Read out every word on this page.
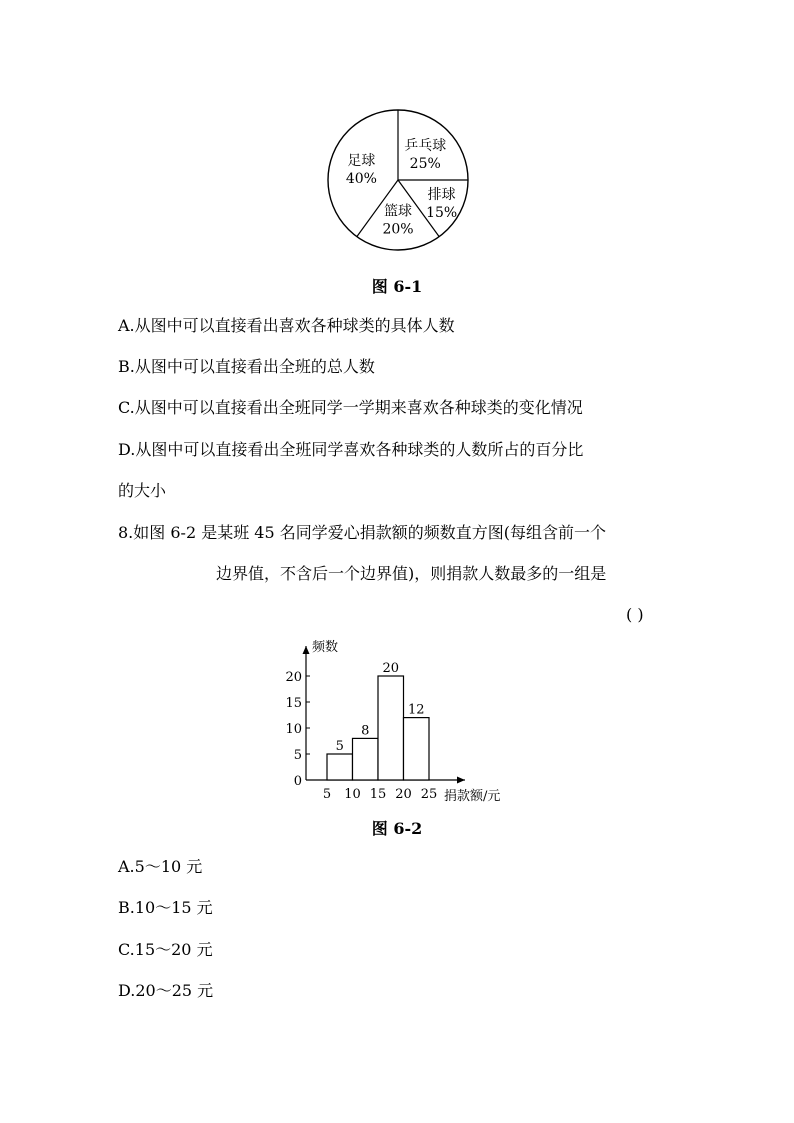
乒乓球
25%
排球
15%
篮球
20%
足球
40%
图 6-1
A.从图中可以直接看出喜欢各种球类的具体人数
B.从图中可以直接看出全班的总人数
C.从图中可以直接看出全班同学一学期来喜欢各种球类的变化情况
D.从图中可以直接看出全班同学喜欢各种球类的人数所占的百分比
的大小
8.如图 6-2 是某班 45 名同学爱心捐款额的频数直方图(每组含前一个
边界值，不含后一个边界值)，则捐款人数最多的一组是
( )
0
5
10
15
20
5 10 15 20 25
5
8
20
12
频数
捐款额/元
图 6-2
A.5～10 元
B.10～15 元
C.15～20 元
D.20～25 元
